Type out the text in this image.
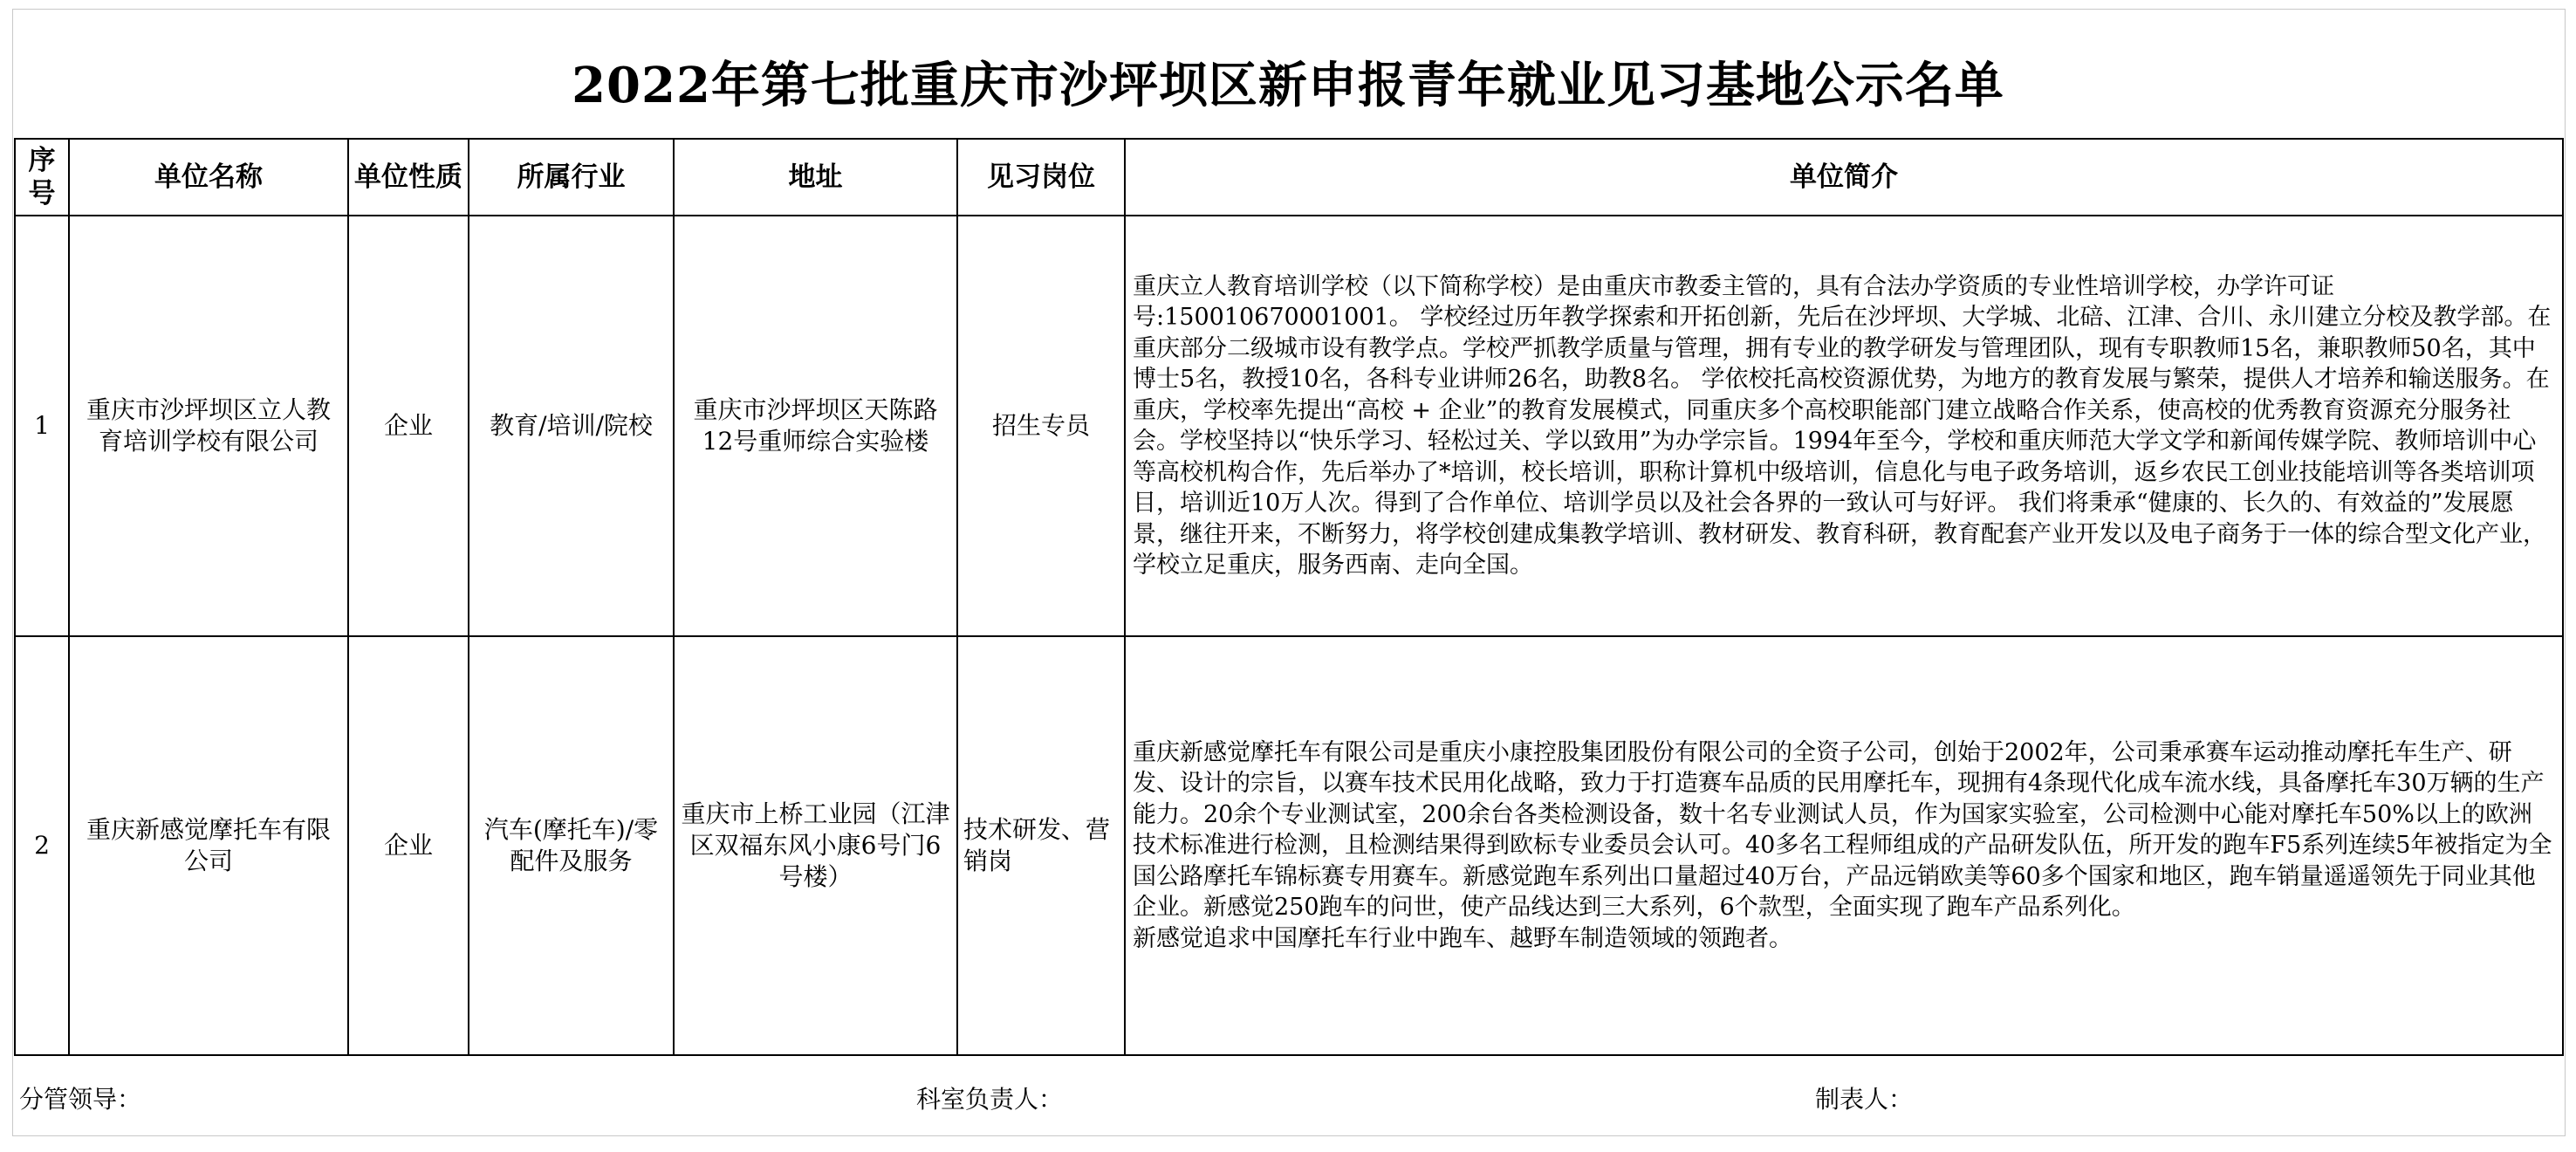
2022年第七批重庆市沙坪坝区新申报青年就业见习基地公示名单
序号	单位名称	单位性质	所属行业	地址	见习岗位	单位简介
1	重庆市沙坪坝区立人教育培训学校有限公司	企业	教育/培训/院校	重庆市沙坪坝区天陈路12号重师综合实验楼	招生专员	重庆立人教育培训学校（以下简称学校）是由重庆市教委主管的，具有合法办学资质的专业性培训学校，办学许可证号:150010670001001。 学校经过历年教学探索和开拓创新，先后在沙坪坝、大学城、北碚、江津、合川、永川建立分校及教学部。在重庆部分二级城市设有教学点。学校严抓教学质量与管理，拥有专业的教学研发与管理团队，现有专职教师15名，兼职教师50名，其中博士5名，教授10名，各科专业讲师26名，助教8名。 学依校托高校资源优势，为地方的教育发展与繁荣，提供人才培养和输送服务。在重庆，学校率先提出“高校 + 企业”的教育发展模式，同重庆多个高校职能部门建立战略合作关系，使高校的优秀教育资源充分服务社会。学校坚持以“快乐学习、轻松过关、学以致用”为办学宗旨。1994年至今，学校和重庆师范大学文学和新闻传媒学院、教师培训中心等高校机构合作，先后举办了*培训，校长培训，职称计算机中级培训，信息化与电子政务培训，返乡农民工创业技能培训等各类培训项目，培训近10万人次。得到了合作单位、培训学员以及社会各界的一致认可与好评。 我们将秉承“健康的、长久的、有效益的”发展愿景，继往开来，不断努力，将学校创建成集教学培训、教材研发、教育科研，教育配套产业开发以及电子商务于一体的综合型文化产业，学校立足重庆，服务西南、走向全国。

2	重庆新感觉摩托车有限公司	企业	汽车(摩托车)/零配件及服务	重庆市上桥工业园（江津区双福东风小康6号门6号楼）	技术研发、营销岗	重庆新感觉摩托车有限公司是重庆小康控股集团股份有限公司的全资子公司，创始于2002年，公司秉承赛车运动推动摩托车生产、研发、设计的宗旨，以赛车技术民用化战略，致力于打造赛车品质的民用摩托车，现拥有4条现代化成车流水线，具备摩托车30万辆的生产能力。20余个专业测试室，200余台各类检测设备，数十名专业测试人员，作为国家实验室，公司检测中心能对摩托车50%以上的欧洲技术标准进行检测，且检测结果得到欧标专业委员会认可。40多名工程师组成的产品研发队伍，所开发的跑车F5系列连续5年被指定为全国公路摩托车锦标赛专用赛车。新感觉跑车系列出口量超过40万台，产品远销欧美等60多个国家和地区，跑车销量遥遥领先于同业其他企业。新感觉250跑车的问世，使产品线达到三大系列，6个款型，全面实现了跑车产品系列化。
新感觉追求中国摩托车行业中跑车、越野车制造领域的领跑者。
分管领导：	科室负责人：	制表人：
